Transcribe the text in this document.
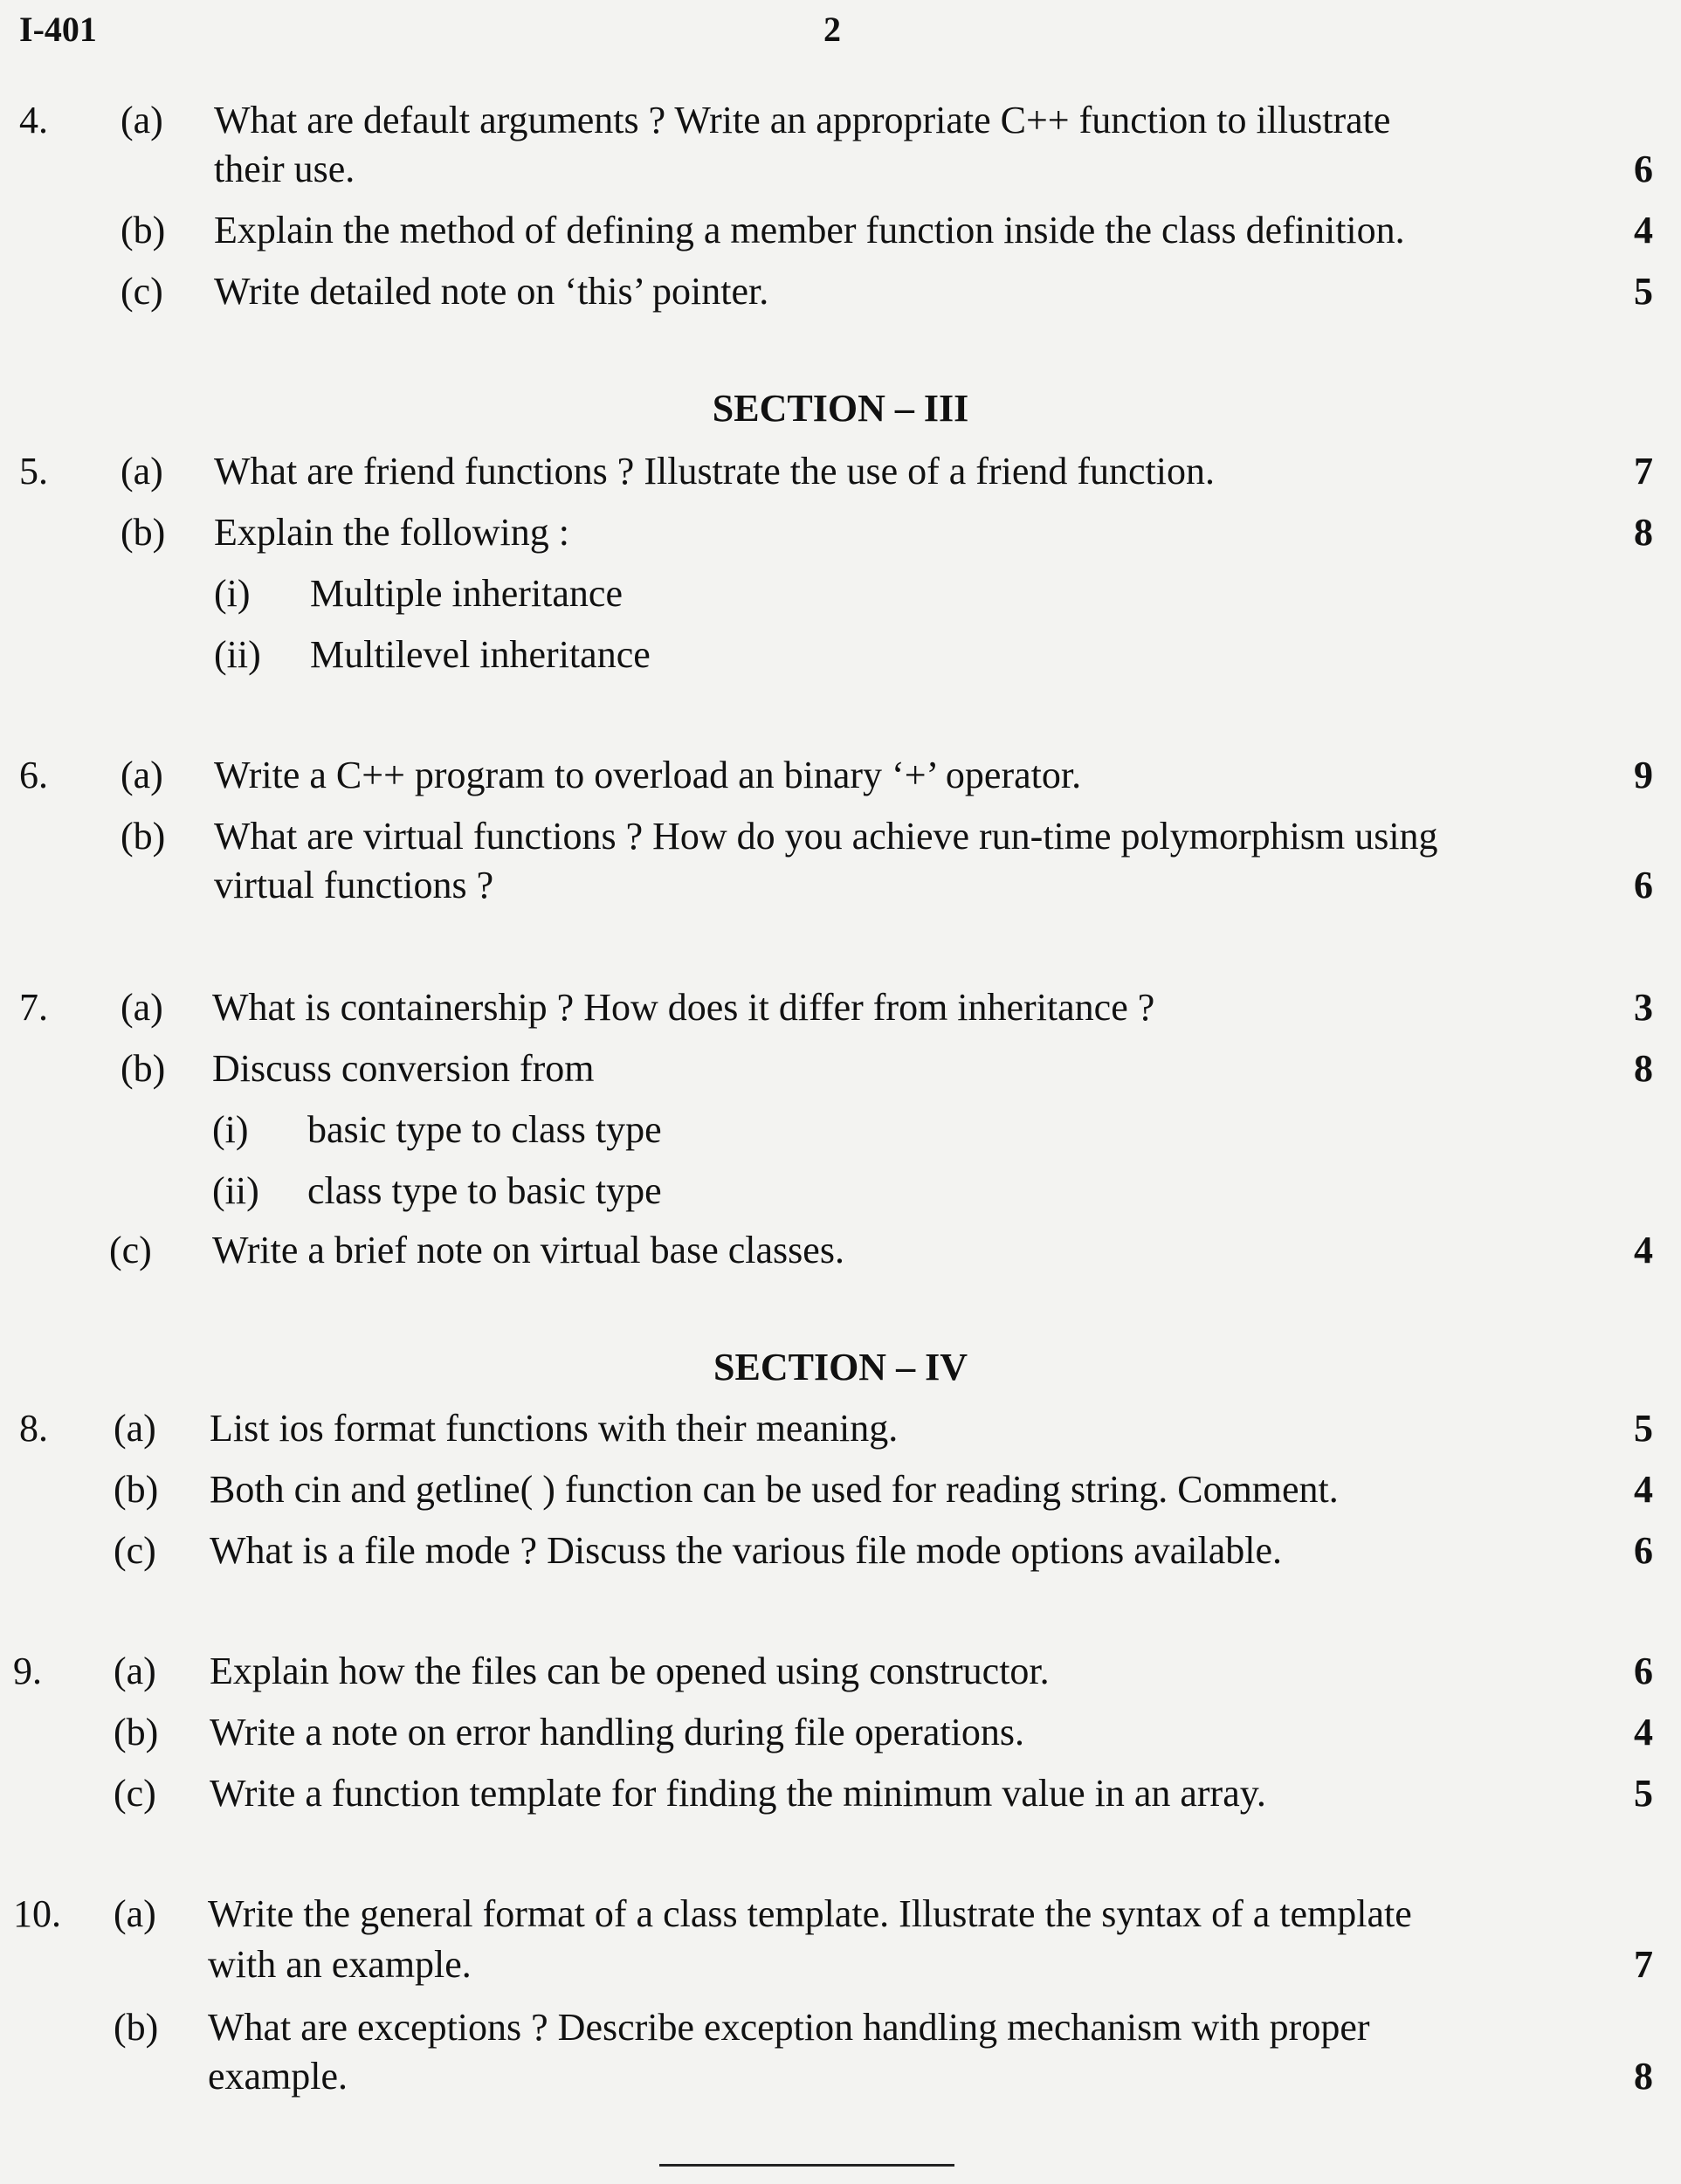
I-401	2
4. (a) What are default arguments ? Write an appropriate C++ function to illustrate
their use.	6
(b) Explain the method of defining a member function inside the class definition.	4
(c) Write detailed note on ‘this’ pointer.	5
SECTION – III
5. (a) What are friend functions ? Illustrate the use of a friend function.	7
(b) Explain the following :	8
(i) Multiple inheritance
(ii) Multilevel inheritance
6. (a) Write a C++ program to overload an binary ‘+’ operator.	9
(b) What are virtual functions ? How do you achieve run-time polymorphism using
virtual functions ?	6
7. (a) What is containership ? How does it differ from inheritance ?	3
(b) Discuss conversion from	8
(i) basic type to class type
(ii) class type to basic type
(c) Write a brief note on virtual base classes.	4
SECTION – IV
8. (a) List ios format functions with their meaning.	5
(b) Both cin and getline( ) function can be used for reading string. Comment.	4
(c) What is a file mode ? Discuss the various file mode options available.	6
9. (a) Explain how the files can be opened using constructor.	6
(b) Write a note on error handling during file operations.	4
(c) Write a function template for finding the minimum value in an array.	5
10. (a) Write the general format of a class template. Illustrate the syntax of a template
with an example.	7
(b) What are exceptions ? Describe exception handling mechanism with proper
example.	8
